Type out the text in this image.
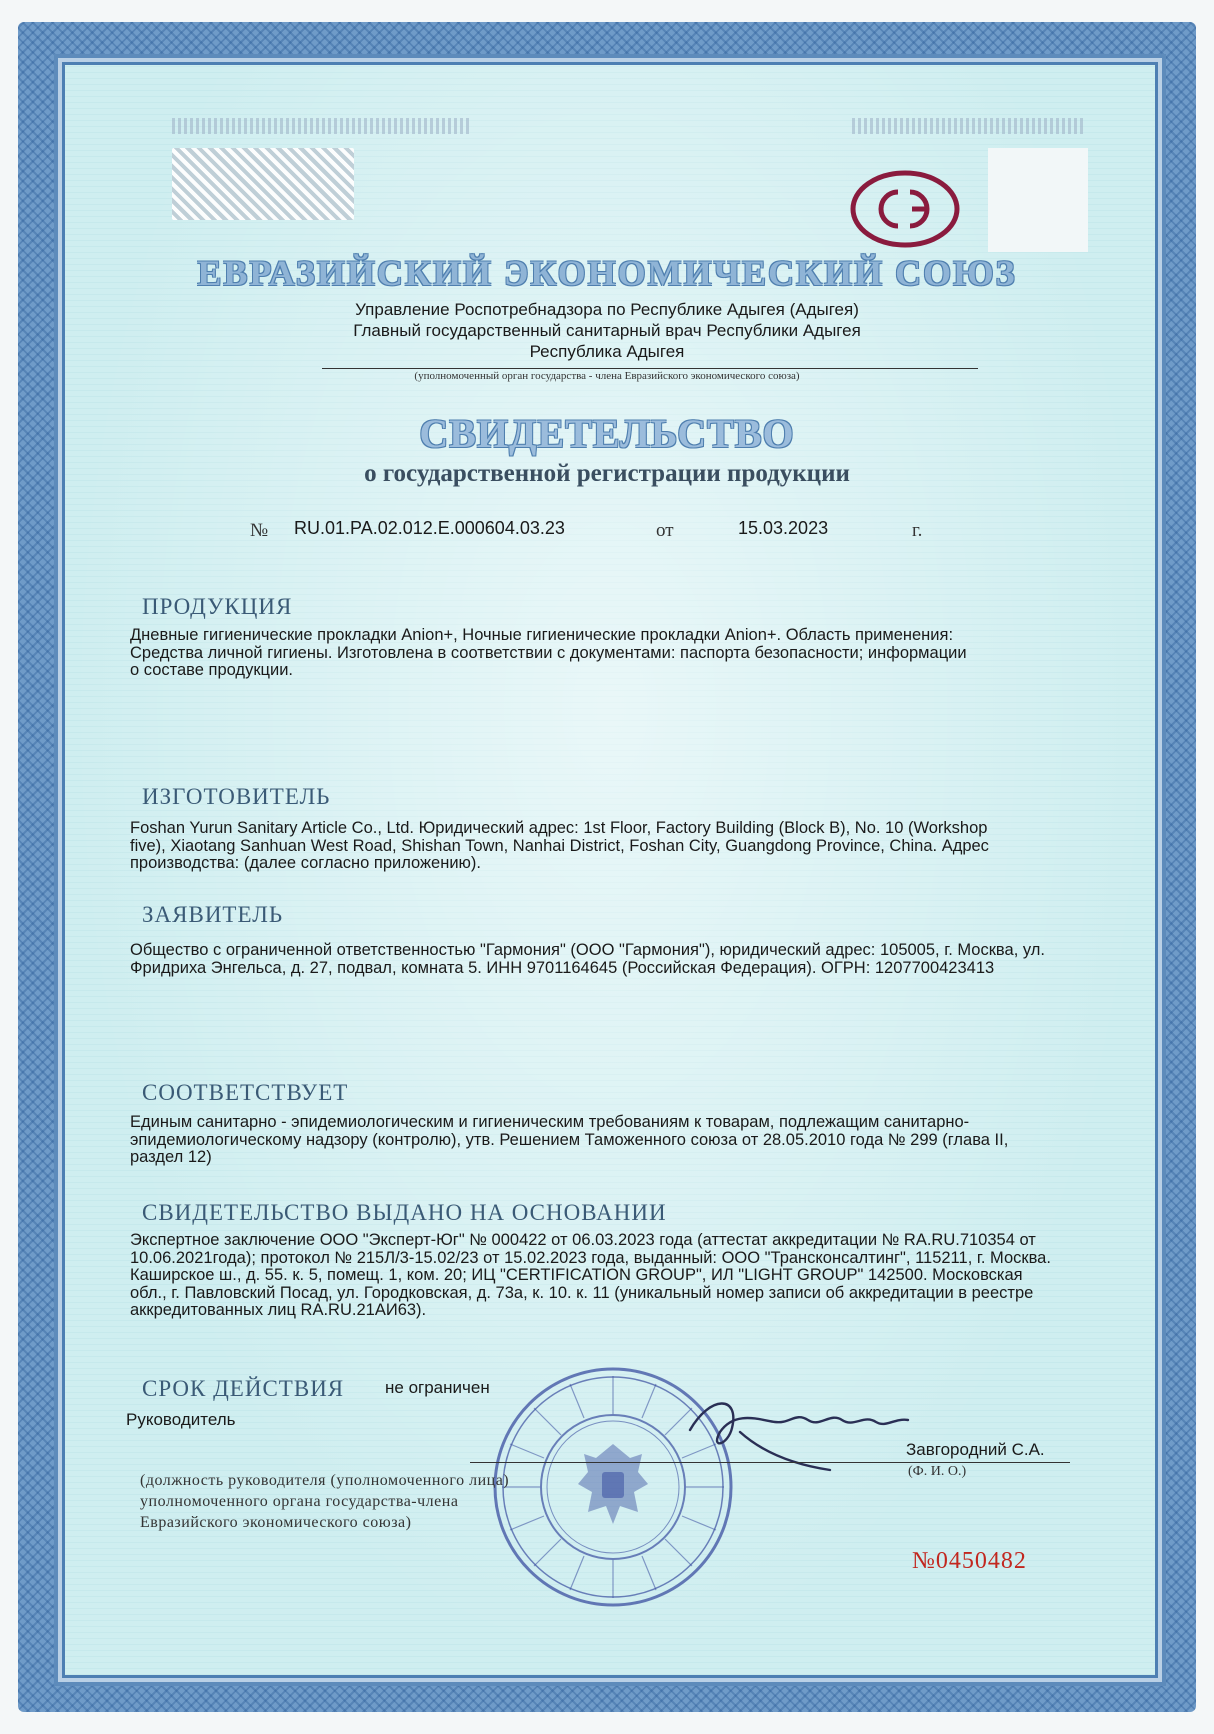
ЕВРАЗИЙСКИЙ ЭКОНОМИЧЕСКИЙ СОЮЗ
Управление Роспотребнадзора по Республике Адыгея (Адыгея)
Главный государственный санитарный врач Республики Адыгея
Республика Адыгея
(уполномоченный орган государства - члена Евразийского экономического союза)
СВИДЕТЕЛЬСТВО
о государственной регистрации продукции
№ RU.01.PA.02.012.E.000604.03.23	от	15.03.2023	г.
ПРОДУКЦИЯ
Дневные гигиенические прокладки Anion+, Ночные гигиенические прокладки Anion+. Область применения: Средства личной гигиены. Изготовлена в соответствии с документами: паспорта безопасности; информации о составе продукции.
ИЗГОТОВИТЕЛЬ
Foshan Yurun Sanitary Article Co., Ltd. Юридический адрес: 1st Floor, Factory Building (Block B), No. 10 (Workshop five), Xiaotang Sanhuan West Road, Shishan Town, Nanhai District, Foshan City, Guangdong Province, China. Адрес производства: (далее согласно приложению).
ЗАЯВИТЕЛЬ
Общество с ограниченной ответственностью "Гармония" (ООО "Гармония"), юридический адрес: 105005, г. Москва, ул. Фридриха Энгельса, д. 27, подвал, комната 5. ИНН 9701164645 (Российская Федерация). ОГРН: 1207700423413
СООТВЕТСТВУЕТ
Единым санитарно - эпидемиологическим и гигиеническим требованиям к товарам, подлежащим санитарно-эпидемиологическому надзору (контролю), утв. Решением Таможенного союза от 28.05.2010 года № 299 (глава II, раздел 12)
СВИДЕТЕЛЬСТВО ВЫДАНО НА ОСНОВАНИИ
Экспертное заключение ООО "Эксперт-Юг" № 000422 от 06.03.2023 года (аттестат аккредитации № RA.RU.710354 от 10.06.2021года); протокол № 215Л/3-15.02/23 от 15.02.2023 года, выданный: ООО "Трансконсалтинг", 115211, г. Москва. Каширское ш., д. 55. к. 5, помещ. 1, ком. 20; ИЦ "CERTIFICATION GROUP", ИЛ "LIGHT GROUP" 142500. Московская обл., г. Павловский Посад, ул. Городковская, д. 73а, к. 10. к. 11 (уникальный номер записи об аккредитации в реестре аккредитованных лиц RA.RU.21АИ63).
СРОК ДЕЙСТВИЯ не ограничен
Руководитель
Завгородний С.А.
(Ф. И. О.)
(должность руководителя (уполномоченного лица) уполномоченного органа государства-члена Евразийского экономического союза)
№0450482
